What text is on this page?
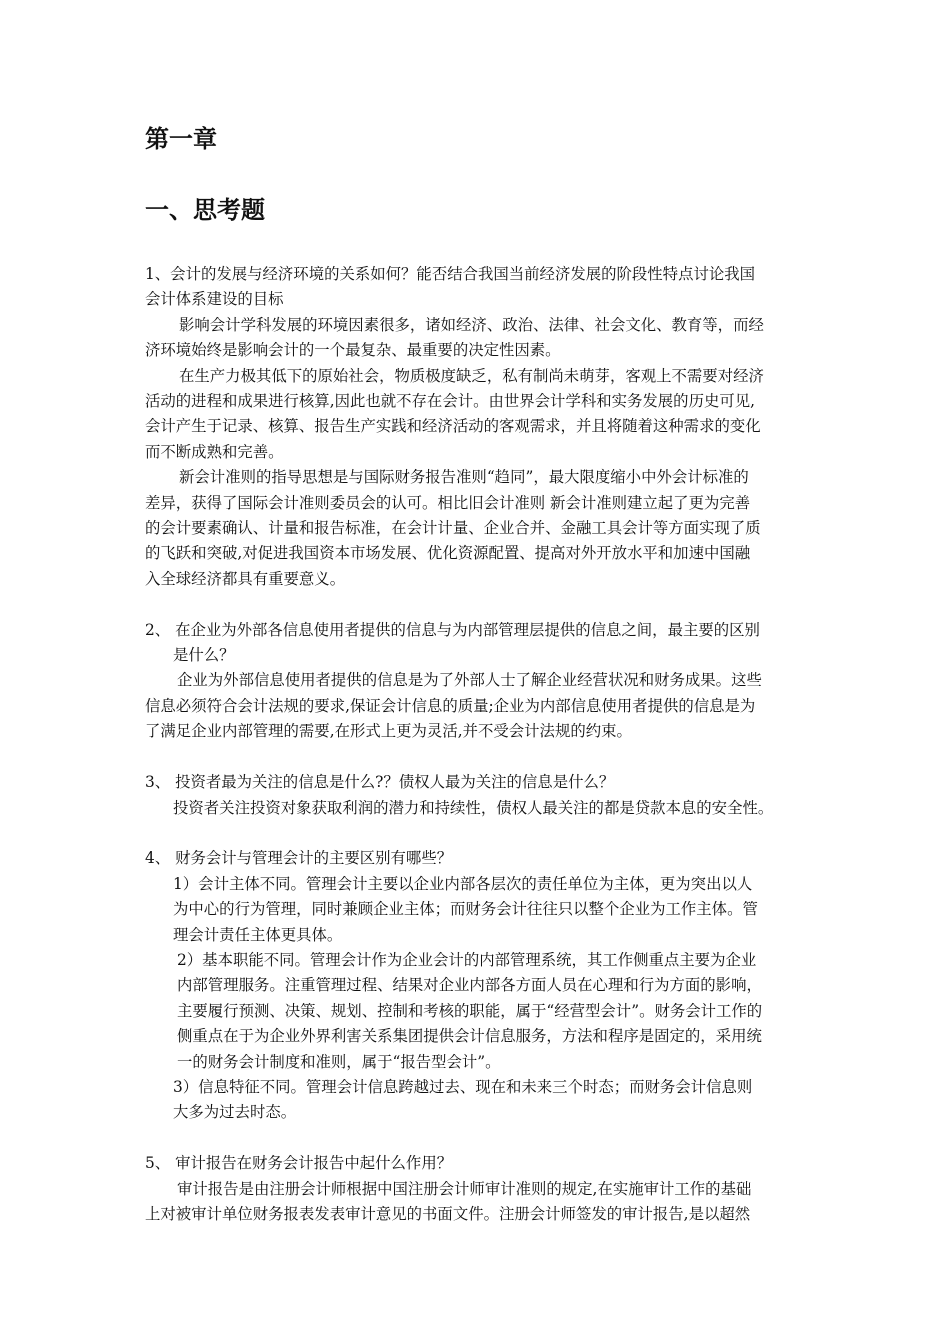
第一章
一、思考题

1、会计的发展与经济环境的关系如何？能否结合我国当前经济发展的阶段性特点讨论我国

会计体系建设的目标

影响会计学科发展的环境因素很多，诸如经济、政治、法律、社会文化、教育等，而经

济环境始终是影响会计的一个最复杂、最重要的决定性因素。

在生产力极其低下的原始社会，物质极度缺乏，私有制尚未萌芽，客观上不需要对经济

活动的进程和成果进行核算,因此也就不存在会计。由世界会计学科和实务发展的历史可见,

会计产生于记录、核算、报告生产实践和经济活动的客观需求，并且将随着这种需求的变化

而不断成熟和完善。

新会计准则的指导思想是与国际财务报告准则“趋同”，最大限度缩小中外会计标准的

差异，获得了国际会计准则委员会的认可。相比旧会计准则 新会计准则建立起了更为完善

的会计要素确认、计量和报告标准，在会计计量、企业合并、金融工具会计等方面实现了质

的飞跃和突破,对促进我国资本市场发展、优化资源配置、提高对外开放水平和加速中国融

入全球经济都具有重要意义。

2、 在企业为外部各信息使用者提供的信息与为内部管理层提供的信息之间，最主要的区别

是什么？

企业为外部信息使用者提供的信息是为了外部人士了解企业经营状况和财务成果。这些

信息必须符合会计法规的要求,保证会计信息的质量;企业为内部信息使用者提供的信息是为

了满足企业内部管理的需要,在形式上更为灵活,并不受会计法规的约束。

3、 投资者最为关注的信息是什么?？债权人最为关注的信息是什么？

投资者关注投资对象获取利润的潜力和持续性，债权人最关注的都是贷款本息的安全性。

4、 财务会计与管理会计的主要区别有哪些？

1）会计主体不同。管理会计主要以企业内部各层次的责任单位为主体，更为突出以人

为中心的行为管理，同时兼顾企业主体；而财务会计往往只以整个企业为工作主体。管

理会计责任主体更具体。

2）基本职能不同。管理会计作为企业会计的内部管理系统，其工作侧重点主要为企业

内部管理服务。注重管理过程、结果对企业内部各方面人员在心理和行为方面的影响，

主要履行预测、决策、规划、控制和考核的职能，属于“经营型会计”。财务会计工作的

侧重点在于为企业外界利害关系集团提供会计信息服务，方法和程序是固定的，采用统

一的财务会计制度和准则，属于“报告型会计”。

3）信息特征不同。管理会计信息跨越过去、现在和未来三个时态；而财务会计信息则

大多为过去时态。

5、 审计报告在财务会计报告中起什么作用？

审计报告是由注册会计师根据中国注册会计师审计准则的规定,在实施审计工作的基础

上对被审计单位财务报表发表审计意见的书面文件。注册会计师签发的审计报告,是以超然
